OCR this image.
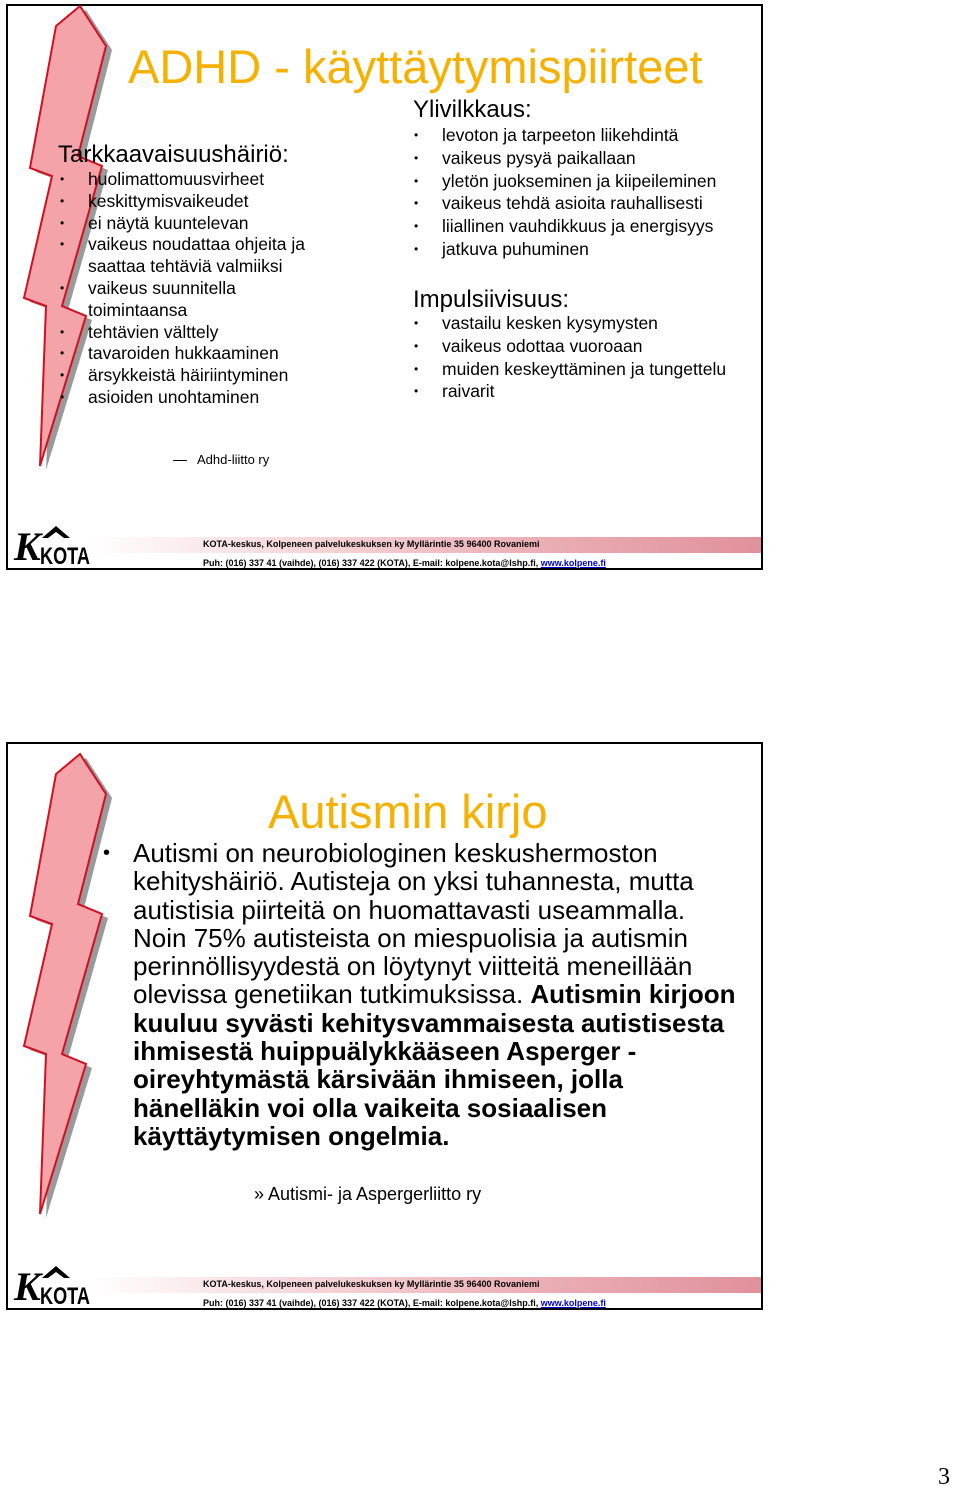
ADHD - käyttäytymispiirteet
Tarkkaavaisuushäiriö:
• huolimattomuusvirheet
• keskittymisvaikeudet
• ei näytä kuuntelevan
• vaikeus noudattaa ohjeita ja
saattaa tehtäviä valmiiksi
• vaikeus suunnitella
toimintaansa
• tehtävien välttely
• tavaroiden hukkaaminen
• ärsykkeistä häiriintyminen
• asioiden unohtaminen
Ylivilkkaus:
• levoton ja tarpeeton liikehdintä
• vaikeus pysyä paikallaan
• yletön juokseminen ja kiipeileminen
• vaikeus tehdä asioita rauhallisesti
• liiallinen vauhdikkuus ja energisyys
• jatkuva puhuminen
Impulsiivisuus:
• vastailu kesken kysymysten
• vaikeus odottaa vuoroaan
• muiden keskeyttäminen ja tungettelu
• raivarit
Adhd-liitto ry
K KOTA	KOTA-keskus, Kolpeneen palvelukeskuksen ky Myllärintie 35 96400 Rovaniemi
Puh: (016) 337 41 (vaihde), (016) 337 422 (KOTA), E-mail: kolpene.kota@lshp.fi, www.kolpene.fi
Autismin kirjo
• Autismi on neurobiologinen keskushermoston kehityshäiriö. Autisteja on yksi tuhannesta, mutta autistisia piirteitä on huomattavasti useammalla. Noin 75% autisteista on miespuolisia ja autismin perinnöllisyydestä on löytynyt viitteitä meneillään olevissa genetiikan tutkimuksissa. Autismin kirjoon kuuluu syvästi kehitysvammaisesta autistisesta ihmisestä huippuälykkääseen Asperger -oireyhtymästä kärsivään ihmiseen, jolla hänelläkin voi olla vaikeita sosiaalisen käyttäytymisen ongelmia.
» Autismi- ja Aspergerliitto ry
K KOTA	KOTA-keskus, Kolpeneen palvelukeskuksen ky Myllärintie 35 96400 Rovaniemi
Puh: (016) 337 41 (vaihde), (016) 337 422 (KOTA), E-mail: kolpene.kota@lshp.fi, www.kolpene.fi
3
